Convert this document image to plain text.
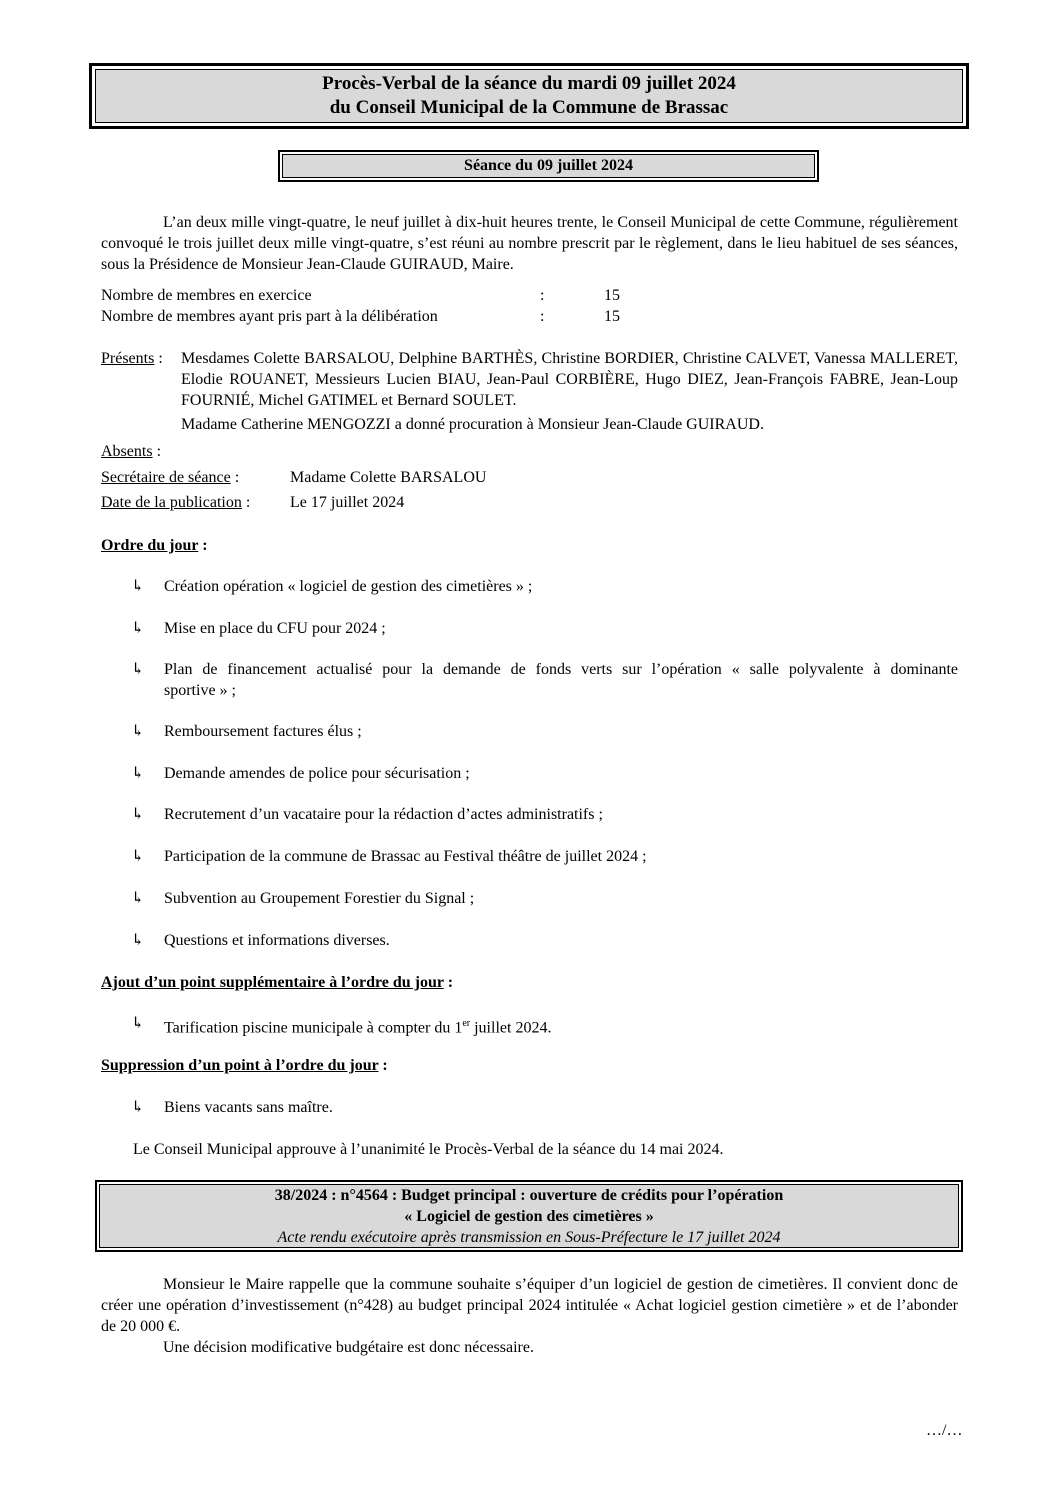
Procès-Verbal de la séance du mardi 09 juillet 2024
du Conseil Municipal de la Commune de Brassac
Séance du 09 juillet 2024
L’an deux mille vingt-quatre, le neuf juillet à dix-huit heures trente, le Conseil Municipal de cette Commune, régulièrement convoqué le trois juillet deux mille vingt-quatre, s’est réuni au nombre prescrit par le règlement, dans le lieu habituel de ses séances, sous la Présidence de Monsieur Jean-Claude GUIRAUD, Maire.
Nombre de membres en exercice	:	15
Nombre de membres ayant pris part à la délibération	:	15
Présents : Mesdames Colette BARSALOU, Delphine BARTHÈS, Christine BORDIER, Christine CALVET, Vanessa MALLERET, Elodie ROUANET, Messieurs Lucien BIAU, Jean-Paul CORBIÈRE, Hugo DIEZ, Jean-François FABRE, Jean-Loup FOURNIÉ, Michel GATIMEL et Bernard SOULET.
Madame Catherine MENGOZZI a donné procuration à Monsieur Jean-Claude GUIRAUD.
Absents :
Secrétaire de séance :	Madame Colette BARSALOU
Date de la publication : Le 17 juillet 2024
Ordre du jour :
↳ Création opération « logiciel de gestion des cimetières » ;
↳ Mise en place du CFU pour 2024 ;
↳ Plan de financement actualisé pour la demande de fonds verts sur l’opération « salle polyvalente à dominante
sportive » ;
↳ Remboursement factures élus ;
↳ Demande amendes de police pour sécurisation ;
↳ Recrutement d’un vacataire pour la rédaction d’actes administratifs ;
↳ Participation de la commune de Brassac au Festival théâtre de juillet 2024 ;
↳ Subvention au Groupement Forestier du Signal ;
↳ Questions et informations diverses.
Ajout d’un point supplémentaire à l’ordre du jour :
↳ Tarification piscine municipale à compter du 1er juillet 2024.
Suppression d’un point à l’ordre du jour :
↳ Biens vacants sans maître.
Le Conseil Municipal approuve à l’unanimité le Procès-Verbal de la séance du 14 mai 2024.
38/2024 : n°4564 : Budget principal : ouverture de crédits pour l’opération
« Logiciel de gestion des cimetières »
Acte rendu exécutoire après transmission en Sous-Préfecture le 17 juillet 2024
Monsieur le Maire rappelle que la commune souhaite s’équiper d’un logiciel de gestion de cimetières. Il convient donc de créer une opération d’investissement (n°428) au budget principal 2024 intitulée « Achat logiciel gestion cimetière » et de l’abonder de 20 000 €.
Une décision modificative budgétaire est donc nécessaire.
…/…
